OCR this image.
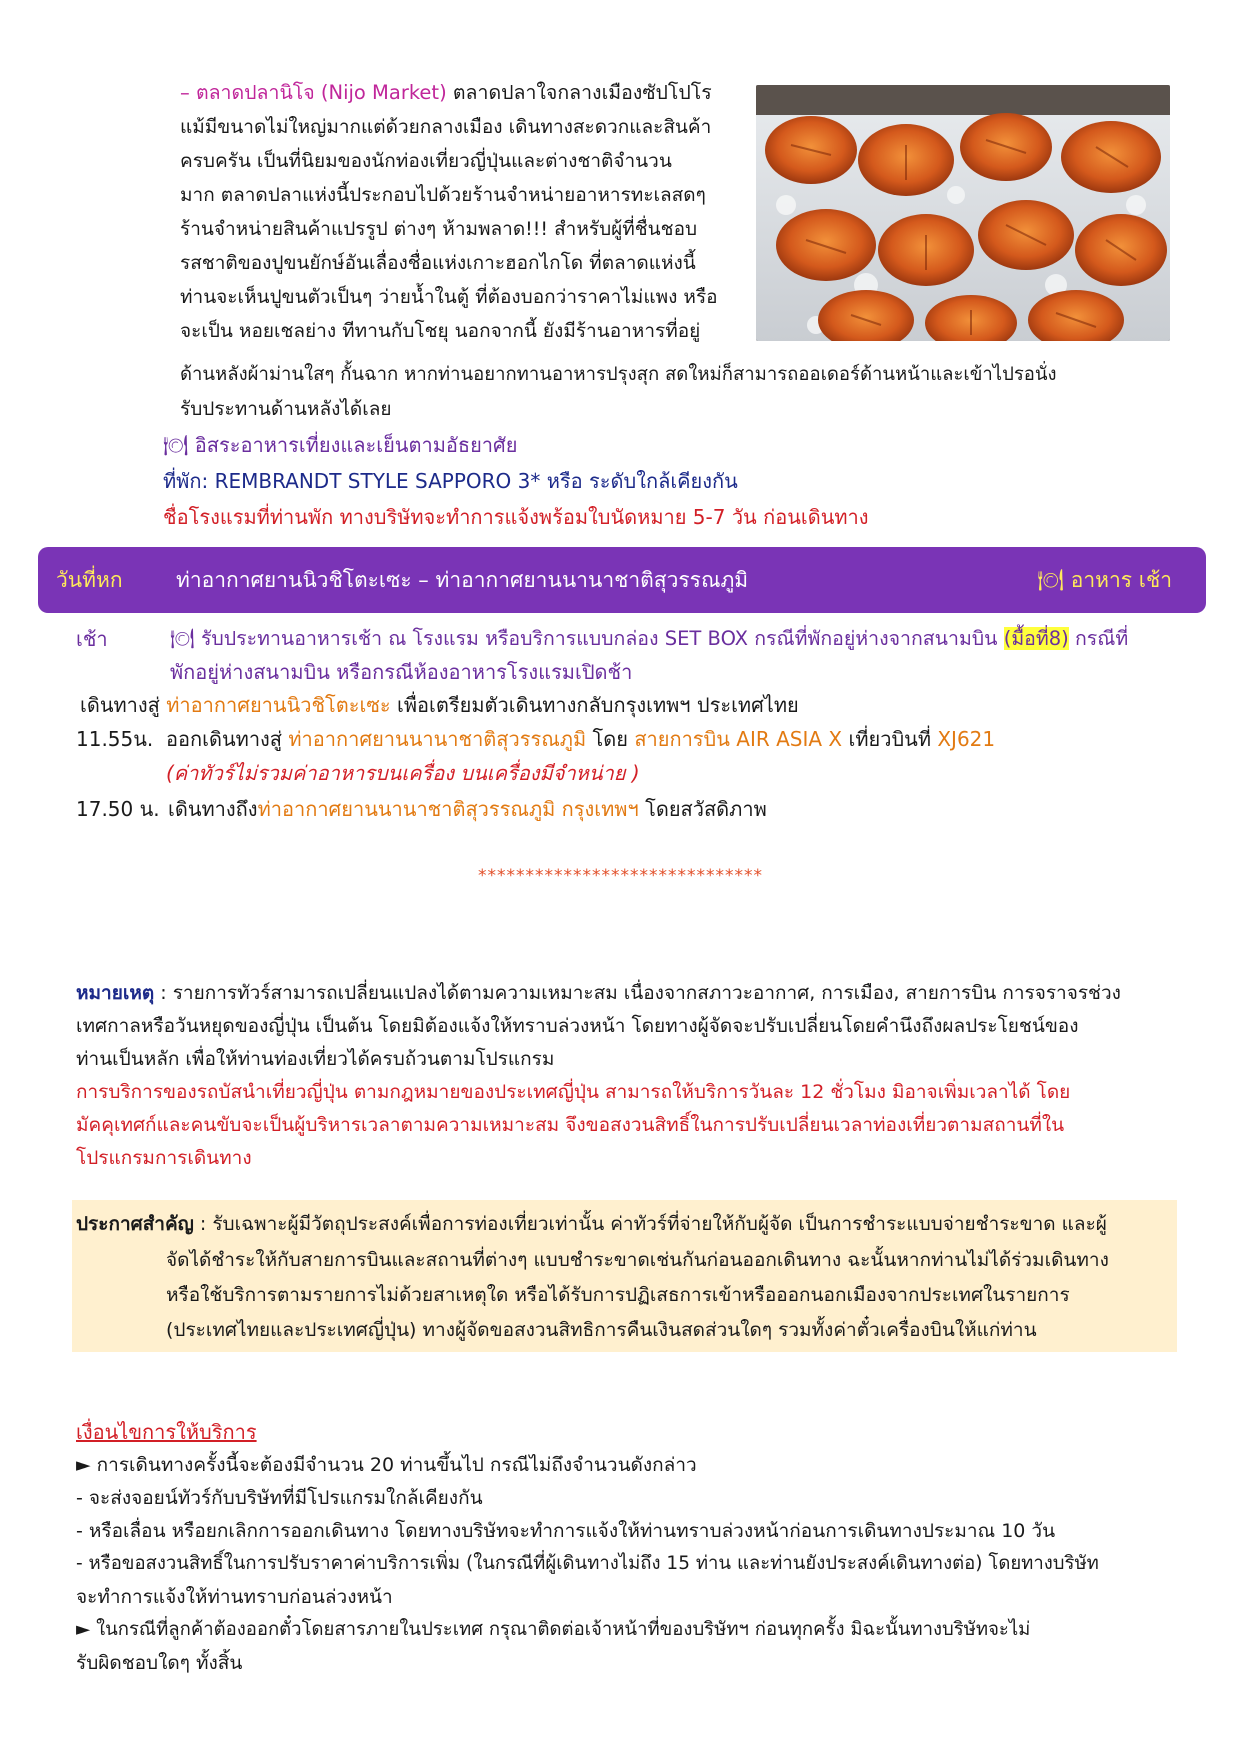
– ตลาดปลานิโจ (Nijo Market) ตลาดปลาใจกลางเมืองซัปโปโร
แม้มีขนาดไม่ใหญ่มากแต่ด้วยกลางเมือง เดินทางสะดวกและสินค้า
ครบครัน เป็นที่นิยมของนักท่องเที่ยวญี่ปุ่นและต่างชาติจำนวน
มาก ตลาดปลาแห่งนี้ประกอบไปด้วยร้านจำหน่ายอาหารทะเลสดๆ
ร้านจำหน่ายสินค้าแปรรูป ต่างๆ ห้ามพลาด!!! สำหรับผู้ที่ชื่นชอบ
รสชาติของปูขนยักษ์อันเลื่องชื่อแห่งเกาะฮอกไกโด ที่ตลาดแห่งนี้
ท่านจะเห็นปูขนตัวเป็นๆ ว่ายน้ำในตู้ ที่ต้องบอกว่าราคาไม่แพง หรือ
จะเป็น หอยเชลย่าง ทีทานกับโชยุ นอกจากนี้ ยังมีร้านอาหารที่อยู่
ด้านหลังผ้าม่านใสๆ กั้นฉาก หากท่านอยากทานอาหารปรุงสุก สดใหม่ก็สามารถออเดอร์ด้านหน้าและเข้าไปรอนั่ง
รับประทานด้านหลังได้เลย
🍽 อิสระอาหารเที่ยงและเย็นตามอัธยาศัย
ที่พัก: REMBRANDT STYLE SAPPORO 3* หรือ ระดับใกล้เคียงกัน
ชื่อโรงแรมที่ท่านพัก ทางบริษัทจะทำการแจ้งพร้อมใบนัดหมาย 5-7 วัน ก่อนเดินทาง
วันที่หก	ท่าอากาศยานนิวชิโตะเซะ – ท่าอากาศยานนานาชาติสุวรรณภูมิ	🍽 อาหาร เช้า
เช้า	🍽 รับประทานอาหารเช้า ณ โรงแรม หรือบริการแบบกล่อง SET BOX กรณีที่พักอยู่ห่างจากสนามบิน (มื้อที่8) กรณีที่
พักอยู่ห่างสนามบิน หรือกรณีห้องอาหารโรงแรมเปิดช้า
เดินทางสู่ ท่าอากาศยานนิวชิโตะเซะ เพื่อเตรียมตัวเดินทางกลับกรุงเทพฯ ประเทศไทย
11.55น. ออกเดินทางสู่ ท่าอากาศยานนานาชาติสุวรรณภูมิ โดย สายการบิน AIR ASIA X เที่ยวบินที่ XJ621
(ค่าทัวร์ไม่รวมค่าอาหารบนเครื่อง บนเครื่องมีจำหน่าย )
17.50 น. เดินทางถึงท่าอากาศยานนานาชาติสุวรรณภูมิ กรุงเทพฯ โดยสวัสดิภาพ
******************************
หมายเหตุ : รายการทัวร์สามารถเปลี่ยนแปลงได้ตามความเหมาะสม เนื่องจากสภาวะอากาศ, การเมือง, สายการบิน การจราจรช่วง
เทศกาลหรือวันหยุดของญี่ปุ่น เป็นต้น โดยมิต้องแจ้งให้ทราบล่วงหน้า โดยทางผู้จัดจะปรับเปลี่ยนโดยคำนึงถึงผลประโยชน์ของ
ท่านเป็นหลัก เพื่อให้ท่านท่องเที่ยวได้ครบถ้วนตามโปรแกรม
การบริการของรถบัสนำเที่ยวญี่ปุ่น ตามกฎหมายของประเทศญี่ปุ่น สามารถให้บริการวันละ 12 ชั่วโมง มิอาจเพิ่มเวลาได้ โดย
มัคคุเทศก์และคนขับจะเป็นผู้บริหารเวลาตามความเหมาะสม จึงขอสงวนสิทธิ์ในการปรับเปลี่ยนเวลาท่องเที่ยวตามสถานที่ใน
โปรแกรมการเดินทาง
ประกาศสำคัญ : รับเฉพาะผู้มีวัตถุประสงค์เพื่อการท่องเที่ยวเท่านั้น ค่าทัวร์ที่จ่ายให้กับผู้จัด เป็นการชำระแบบจ่ายชำระขาด และผู้
จัดได้ชำระให้กับสายการบินและสถานที่ต่างๆ แบบชำระขาดเช่นกันก่อนออกเดินทาง ฉะนั้นหากท่านไม่ได้ร่วมเดินทาง
หรือใช้บริการตามรายการไม่ด้วยสาเหตุใด หรือได้รับการปฏิเสธการเข้าหรือออกนอกเมืองจากประเทศในรายการ
(ประเทศไทยและประเทศญี่ปุ่น) ทางผู้จัดขอสงวนสิทธิการคืนเงินสดส่วนใดๆ รวมทั้งค่าตั๋วเครื่องบินให้แก่ท่าน
เงื่อนไขการให้บริการ
► การเดินทางครั้งนี้จะต้องมีจำนวน 20 ท่านขึ้นไป กรณีไม่ถึงจำนวนดังกล่าว
- จะส่งจอยน์ทัวร์กับบริษัทที่มีโปรแกรมใกล้เคียงกัน
- หรือเลื่อน หรือยกเลิกการออกเดินทาง โดยทางบริษัทจะทำการแจ้งให้ท่านทราบล่วงหน้าก่อนการเดินทางประมาณ 10 วัน
- หรือขอสงวนสิทธิ์ในการปรับราคาค่าบริการเพิ่ม (ในกรณีที่ผู้เดินทางไม่ถึง 15 ท่าน และท่านยังประสงค์เดินทางต่อ) โดยทางบริษัท
จะทำการแจ้งให้ท่านทราบก่อนล่วงหน้า
► ในกรณีที่ลูกค้าต้องออกตั๋วโดยสารภายในประเทศ กรุณาติดต่อเจ้าหน้าที่ของบริษัทฯ ก่อนทุกครั้ง มิฉะนั้นทางบริษัทจะไม่
รับผิดชอบใดๆ ทั้งสิ้น
